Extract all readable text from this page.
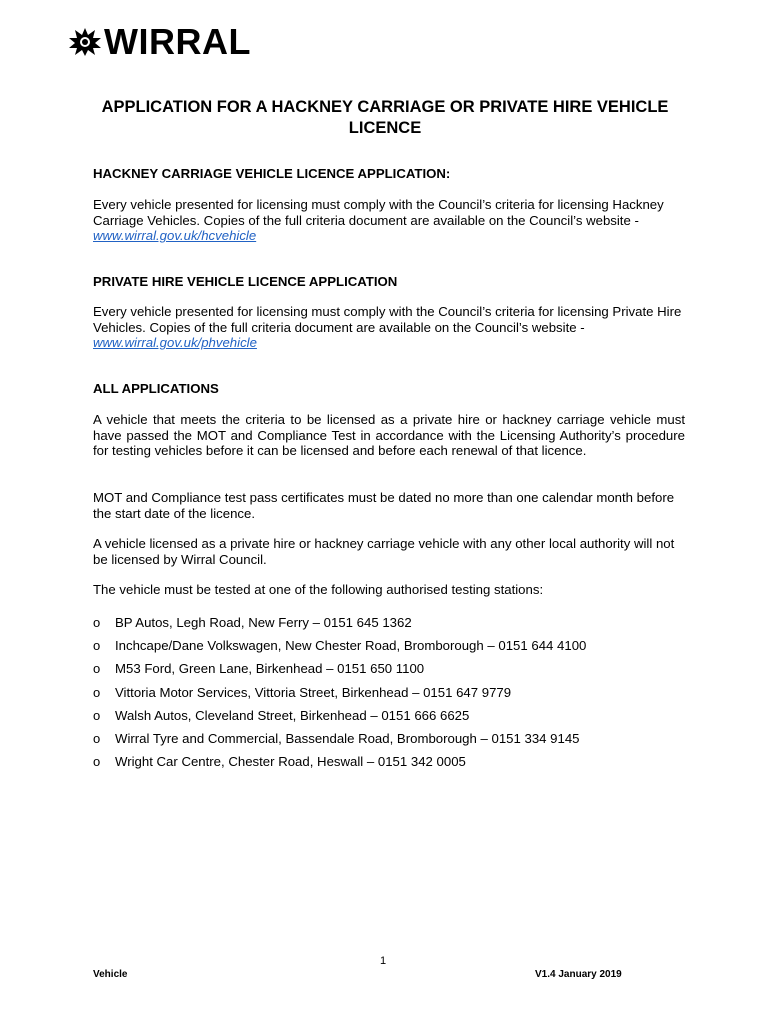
WIRRAL
APPLICATION FOR A HACKNEY CARRIAGE OR PRIVATE HIRE VEHICLE LICENCE
HACKNEY CARRIAGE VEHICLE LICENCE APPLICATION:
Every vehicle presented for licensing must comply with the Council’s criteria for licensing Hackney Carriage Vehicles. Copies of the full criteria document are available on the Council’s website - www.wirral.gov.uk/hcvehicle
PRIVATE HIRE VEHICLE LICENCE APPLICATION
Every vehicle presented for licensing must comply with the Council’s criteria for licensing Private Hire Vehicles. Copies of the full criteria document are available on the Council’s website - www.wirral.gov.uk/phvehicle
ALL APPLICATIONS
A vehicle that meets the criteria to be licensed as a private hire or hackney carriage vehicle must have passed the MOT and Compliance Test in accordance with the Licensing Authority’s procedure for testing vehicles before it can be licensed and before each renewal of that licence.
MOT and Compliance test pass certificates must be dated no more than one calendar month before the start date of the licence.
A vehicle licensed as a private hire or hackney carriage vehicle with any other local authority will not be licensed by Wirral Council.
The vehicle must be tested at one of the following authorised testing stations:
o	BP Autos, Legh Road, New Ferry – 0151 645 1362
o	Inchcape/Dane Volkswagen, New Chester Road, Bromborough – 0151 644 4100
o	M53 Ford, Green Lane, Birkenhead – 0151 650 1100
o	Vittoria Motor Services, Vittoria Street, Birkenhead – 0151 647 9779
o	Walsh Autos, Cleveland Street, Birkenhead – 0151 666 6625
o	Wirral Tyre and Commercial, Bassendale Road, Bromborough – 0151 334 9145
o	Wright Car Centre, Chester Road, Heswall – 0151 342 0005
1
Vehicle	V1.4 January 2019
